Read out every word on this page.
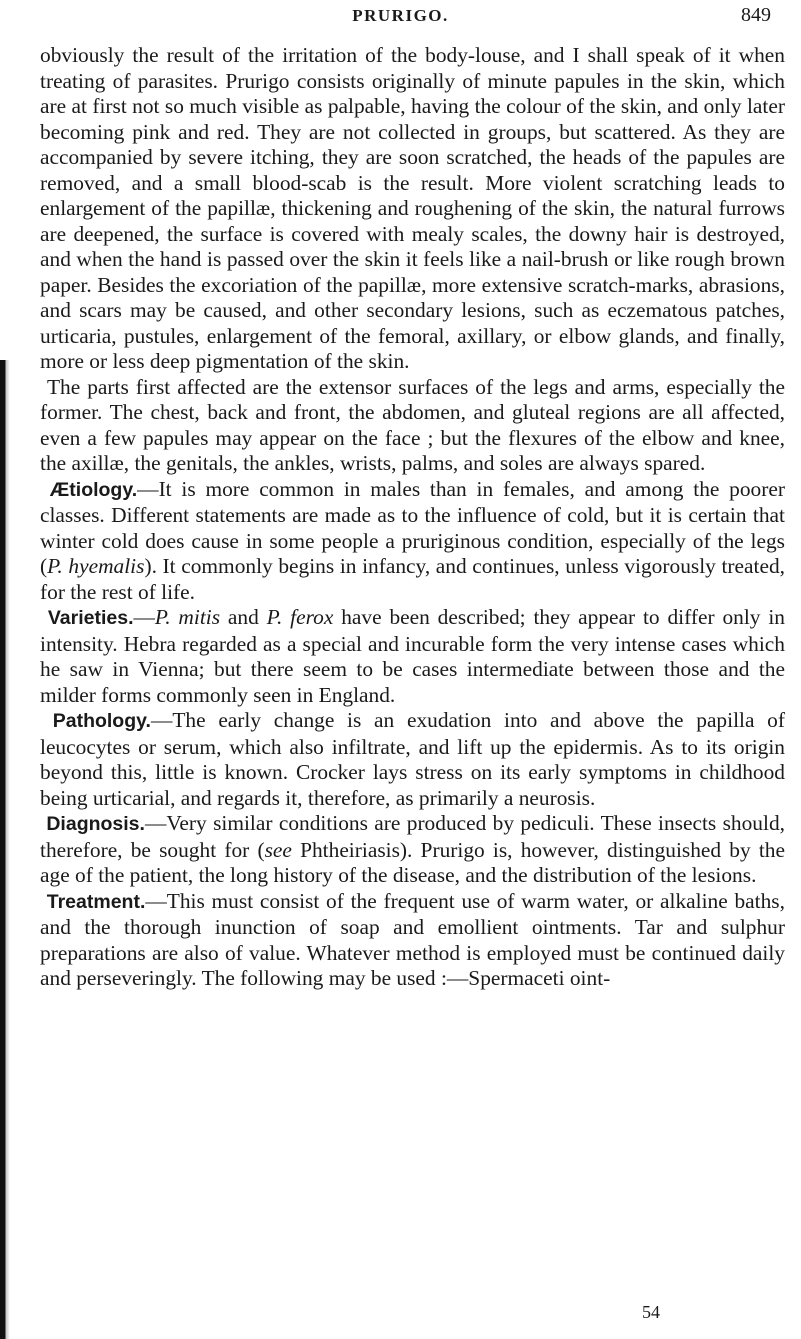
PRURIGO.	849

obviously the result of the irritation of the body-louse, and I shall speak of it when treating of parasites. Prurigo consists originally of minute papules in the skin, which are at first not so much visible as palpable, having the colour of the skin, and only later becoming pink and red. They are not collected in groups, but scattered. As they are accompanied by severe itching, they are soon scratched, the heads of the papules are removed, and a small blood-scab is the result. More violent scratching leads to enlargement of the papillæ, thickening and roughening of the skin, the natural furrows are deepened, the surface is covered with mealy scales, the downy hair is destroyed, and when the hand is passed over the skin it feels like a nail-brush or like rough brown paper. Besides the excoriation of the papillæ, more extensive scratch-marks, abrasions, and scars may be caused, and other secondary lesions, such as eczematous patches, urticaria, pustules, enlargement of the femoral, axillary, or elbow glands, and finally, more or less deep pigmentation of the skin.

The parts first affected are the extensor surfaces of the legs and arms, especially the former. The chest, back and front, the abdomen, and gluteal regions are all affected, even a few papules may appear on the face ; but the flexures of the elbow and knee, the axillæ, the genitals, the ankles, wrists, palms, and soles are always spared.

Ætiology.—It is more common in males than in females, and among the poorer classes. Different statements are made as to the influence of cold, but it is certain that winter cold does cause in some people a pruriginous condition, especially of the legs (P. hyemalis). It commonly begins in infancy, and continues, unless vigorously treated, for the rest of life.

Varieties.—P. mitis and P. ferox have been described; they appear to differ only in intensity. Hebra regarded as a special and incurable form the very intense cases which he saw in Vienna; but there seem to be cases intermediate between those and the milder forms commonly seen in England.

Pathology.—The early change is an exudation into and above the papilla of leucocytes or serum, which also infiltrate, and lift up the epidermis. As to its origin beyond this, little is known. Crocker lays stress on its early symptoms in childhood being urticarial, and regards it, therefore, as primarily a neurosis.

Diagnosis.—Very similar conditions are produced by pediculi. These insects should, therefore, be sought for (see Phtheiriasis). Prurigo is, however, distinguished by the age of the patient, the long history of the disease, and the distribution of the lesions.

Treatment.—This must consist of the frequent use of warm water, or alkaline baths, and the thorough inunction of soap and emollient ointments. Tar and sulphur preparations are also of value. Whatever method is employed must be continued daily and perseveringly. The following may be used :—Spermaceti oint-

54
